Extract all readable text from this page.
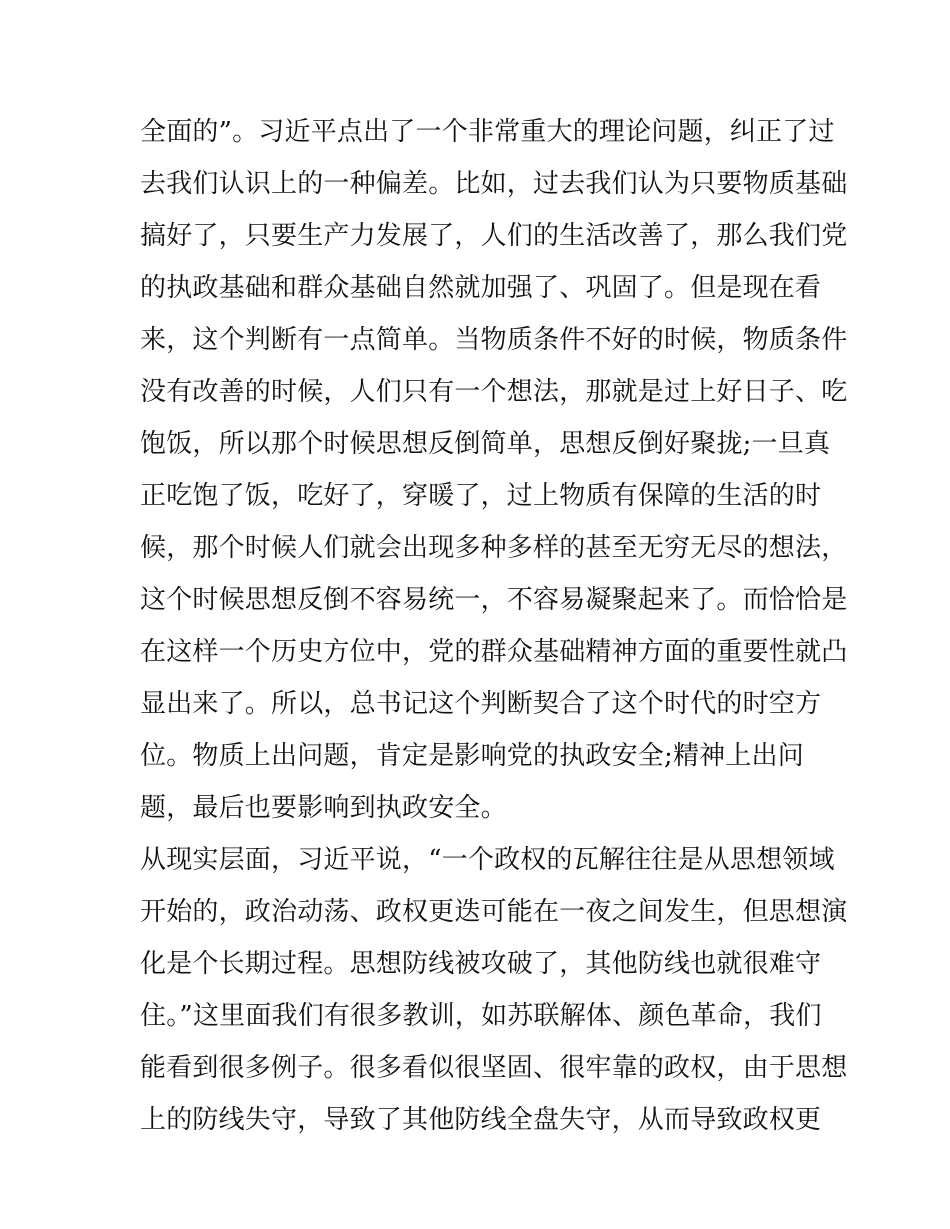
全面的”。习近平点出了一个非常重大的理论问题，纠正了过
去我们认识上的一种偏差。比如，过去我们认为只要物质基础
搞好了，只要生产力发展了，人们的生活改善了，那么我们党
的执政基础和群众基础自然就加强了、巩固了。但是现在看
来，这个判断有一点简单。当物质条件不好的时候，物质条件
没有改善的时候，人们只有一个想法，那就是过上好日子、吃
饱饭，所以那个时候思想反倒简单，思想反倒好聚拢;一旦真
正吃饱了饭，吃好了，穿暖了，过上物质有保障的生活的时
候，那个时候人们就会出现多种多样的甚至无穷无尽的想法，
这个时候思想反倒不容易统一，不容易凝聚起来了。而恰恰是
在这样一个历史方位中，党的群众基础精神方面的重要性就凸
显出来了。所以，总书记这个判断契合了这个时代的时空方
位。物质上出问题，肯定是影响党的执政安全;精神上出问
题，最后也要影响到执政安全。
从现实层面，习近平说，“一个政权的瓦解往往是从思想领域
开始的，政治动荡、政权更迭可能在一夜之间发生，但思想演
化是个长期过程。思想防线被攻破了，其他防线也就很难守
住。”这里面我们有很多教训，如苏联解体、颜色革命，我们
能看到很多例子。很多看似很坚固、很牢靠的政权，由于思想
上的防线失守，导致了其他防线全盘失守，从而导致政权更
